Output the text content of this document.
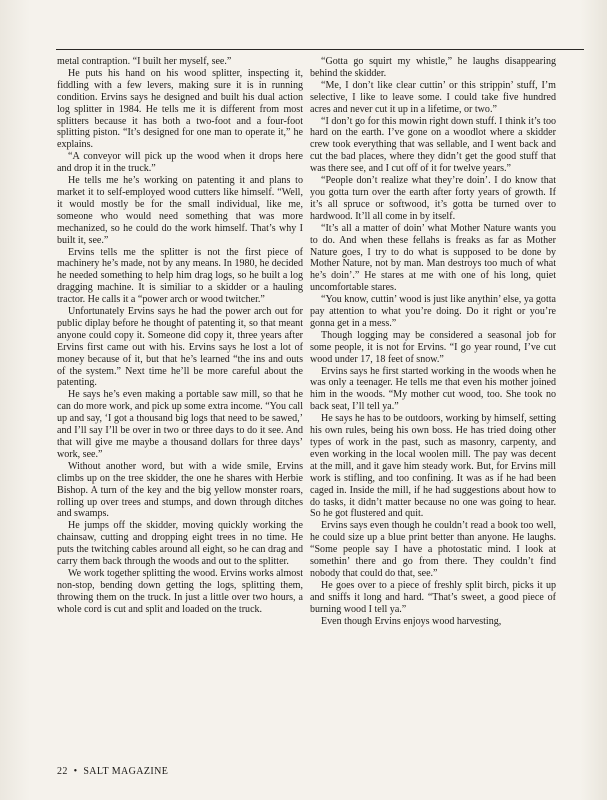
metal contraption. “I built her myself, see.”

He puts his hand on his wood splitter, inspecting it, fiddling with a few levers, making sure it is in running condition. Ervins says he designed and built his dual action log splitter in 1984. He tells me it is different from most splitters because it has both a two-foot and a four-foot splitting piston. “It’s designed for one man to operate it,” he explains.

“A conveyor will pick up the wood when it drops here and drop it in the truck.”

He tells me he’s working on patenting it and plans to market it to self-employed wood cutters like himself. “Well, it would mostly be for the small individual, like me, someone who would need something that was more mechanized, so he could do the work himself. That’s why I built it, see.”

Ervins tells me the splitter is not the first piece of machinery he’s made, not by any means. In 1980, he decided he needed something to help him drag logs, so he built a log dragging machine. It is similiar to a skidder or a hauling tractor. He calls it a “power arch or wood twitcher.”

Unfortunately Ervins says he had the power arch out for public diplay before he thought of patenting it, so that meant anyone could copy it. Someone did copy it, three years after Ervins first came out with his. Ervins says he lost a lot of money because of it, but that he’s learned “the ins and outs of the system.” Next time he’ll be more careful about the patenting.

He says he’s even making a portable saw mill, so that he can do more work, and pick up some extra income. “You call up and say, ‘I got a thousand big logs that need to be sawed,’ and I’ll say I’ll be over in two or three days to do it see. And that will give me maybe a thousand dollars for three days’ work, see.”

Without another word, but with a wide smile, Ervins climbs up on the tree skidder, the one he shares with Herbie Bishop. A turn of the key and the big yellow monster roars, rolling up over trees and stumps, and down through ditches and swamps.

He jumps off the skidder, moving quickly working the chainsaw, cutting and dropping eight trees in no time. He puts the twitching cables around all eight, so he can drag and carry them back through the woods and out to the splitter.

We work together splitting the wood. Ervins works almost non-stop, bending down getting the logs, splitting them, throwing them on the truck. In just a little over two hours, a whole cord is cut and split and loaded on the truck.

“Gotta go squirt my whistle,” he laughs disappearing behind the skidder.

“Me, I don’t like clear cuttin’ or this strippin’ stuff, I’m selective, I like to leave some. I could take five hundred acres and never cut it up in a lifetime, or two.”

“I don’t go for this mowin right down stuff. I think it’s too hard on the earth. I’ve gone on a woodlot where a skidder crew took everything that was sellable, and I went back and cut the bad places, where they didn’t get the good stuff that was there see, and I cut off of it for twelve years.”

“People don’t realize what they’re doin’. I do know that you gotta turn over the earth after forty years of growth. If it’s all spruce or softwood, it’s gotta be turned over to hardwood. It’ll all come in by itself.

“It’s all a matter of doin’ what Mother Nature wants you to do. And when these fellahs is freaks as far as Mother Nature goes, I try to do what is supposed to be done by Mother Nature, not by man. Man destroys too much of what he’s doin’.” He stares at me with one of his long, quiet uncomfortable stares.

“You know, cuttin’ wood is just like anythin’ else, ya gotta pay attention to what you’re doing. Do it right or you’re gonna get in a mess.”

Though logging may be considered a seasonal job for some people, it is not for Ervins. “I go year round, I’ve cut wood under 17, 18 feet of snow.”

Ervins says he first started working in the woods when he was only a teenager. He tells me that even his mother joined him in the woods. “My mother cut wood, too. She took no back seat, I’ll tell ya.”

He says he has to be outdoors, working by himself, setting his own rules, being his own boss. He has tried doing other types of work in the past, such as masonry, carpenty, and even working in the local woolen mill. The pay was decent at the mill, and it gave him steady work. But, for Ervins mill work is stifling, and too confining. It was as if he had been caged in. Inside the mill, if he had suggestions about how to do tasks, it didn’t matter because no one was going to hear. So he got flustered and quit.

Ervins says even though he couldn’t read a book too well, he could size up a blue print better than anyone. He laughs. “Some people say I have a photostatic mind. I look at somethin’ there and go from there. They couldn’t find nobody that could do that, see.”

He goes over to a piece of freshly split birch, picks it up and sniffs it long and hard. “That’s sweet, a good piece of burning wood I tell ya.”

Even though Ervins enjoys wood harvesting,

22  •  SALT MAGAZINE
